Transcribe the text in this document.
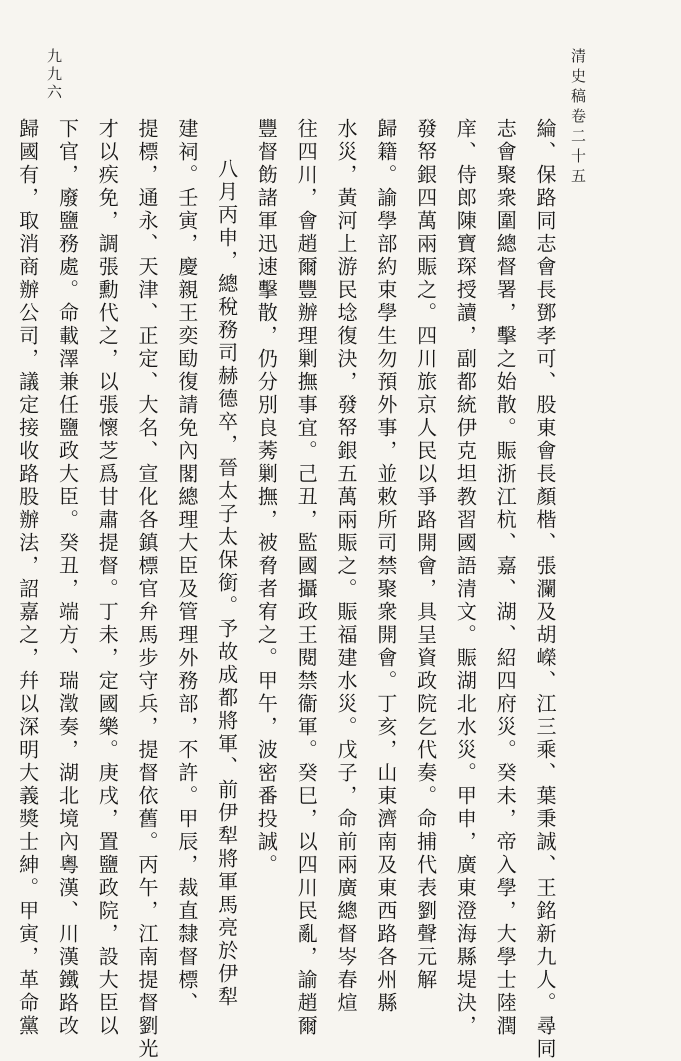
清史稿卷二十五
九九六
綸、保路同志會長鄧孝可、股東會長顏楷、張瀾及胡嶸、江三乘、葉秉誠、王銘新九人。尋同
志會聚衆圍總督署，擊之始散。賑浙江杭、嘉、湖、紹四府災。癸未，帝入學，大學士陸潤
庠、侍郎陳寶琛授讀，副都統伊克坦教習國語清文。賑湖北水災。甲申，廣東澄海縣堤決，
發帑銀四萬兩賑之。四川旅京人民以爭路開會，具呈資政院乞代奏。命捕代表劉聲元解
歸籍。諭學部約束學生勿預外事，並敕所司禁聚衆開會。丁亥，山東濟南及東西路各州縣
水災，黃河上游民埝復決，發帑銀五萬兩賑之。賑福建水災。戊子，命前兩廣總督岑春煊
往四川，會趙爾豐辦理剿撫事宜。己丑，監國攝政王閱禁衞軍。癸巳，以四川民亂，諭趙爾
豐督飭諸軍迅速擊散，仍分別良莠剿撫，被脅者宥之。甲午，波密番投誠。
八月丙申，總稅務司赫德卒，晉太子太保銜。予故成都將軍、前伊犁將軍馬亮於伊犁
建祠。壬寅，慶親王奕劻復請免內閣總理大臣及管理外務部，不許。甲辰，裁直隸督標、
提標，通永、天津、正定、大名、宣化各鎮標官弁馬步守兵，提督依舊。丙午，江南提督劉光
才以疾免，調張勳代之，以張懷芝爲甘肅提督。丁未，定國樂。庚戌，置鹽政院，設大臣以
下官，廢鹽務處。命載澤兼任鹽政大臣。癸丑，端方、瑞澂奏，湖北境內粵漢、川漢鐵路改
歸國有，取消商辦公司，議定接收路股辦法，詔嘉之，幷以深明大義獎士紳。甲寅，革命黨
